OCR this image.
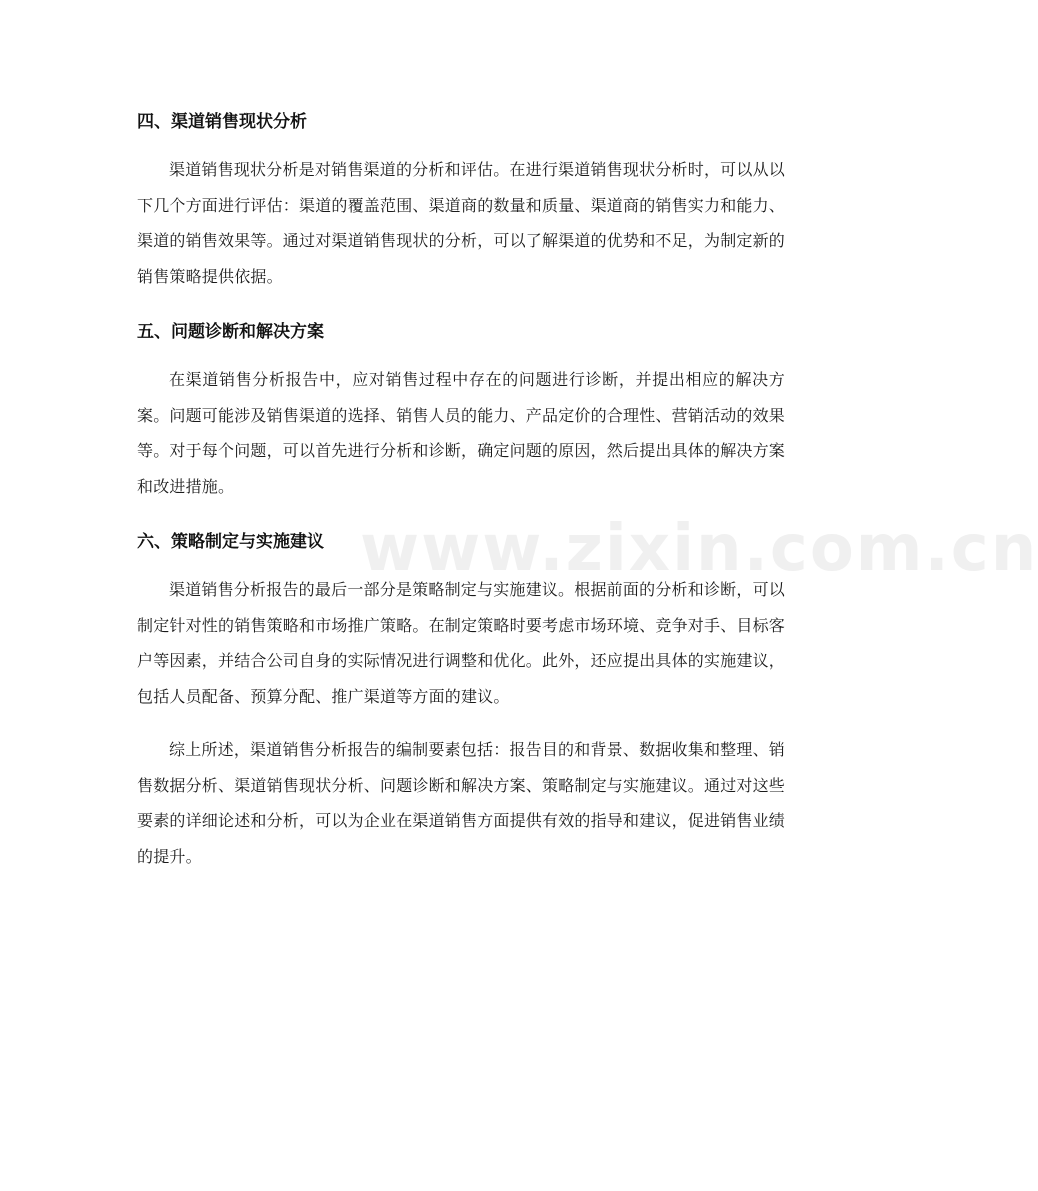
www.zixin.com.cn
四、渠道销售现状分析

渠道销售现状分析是对销售渠道的分析和评估。在进行渠道销售现状分析时，可以从以下几个方面进行评估：渠道的覆盖范围、渠道商的数量和质量、渠道商的销售实力和能力、渠道的销售效果等。通过对渠道销售现状的分析，可以了解渠道的优势和不足，为制定新的销售策略提供依据。

五、问题诊断和解决方案

在渠道销售分析报告中，应对销售过程中存在的问题进行诊断，并提出相应的解决方案。问题可能涉及销售渠道的选择、销售人员的能力、产品定价的合理性、营销活动的效果等。对于每个问题，可以首先进行分析和诊断，确定问题的原因，然后提出具体的解决方案和改进措施。

六、策略制定与实施建议

渠道销售分析报告的最后一部分是策略制定与实施建议。根据前面的分析和诊断，可以制定针对性的销售策略和市场推广策略。在制定策略时要考虑市场环境、竞争对手、目标客户等因素，并结合公司自身的实际情况进行调整和优化。此外，还应提出具体的实施建议，包括人员配备、预算分配、推广渠道等方面的建议。

综上所述，渠道销售分析报告的编制要素包括：报告目的和背景、数据收集和整理、销售数据分析、渠道销售现状分析、问题诊断和解决方案、策略制定与实施建议。通过对这些要素的详细论述和分析，可以为企业在渠道销售方面提供有效的指导和建议，促进销售业绩的提升。
